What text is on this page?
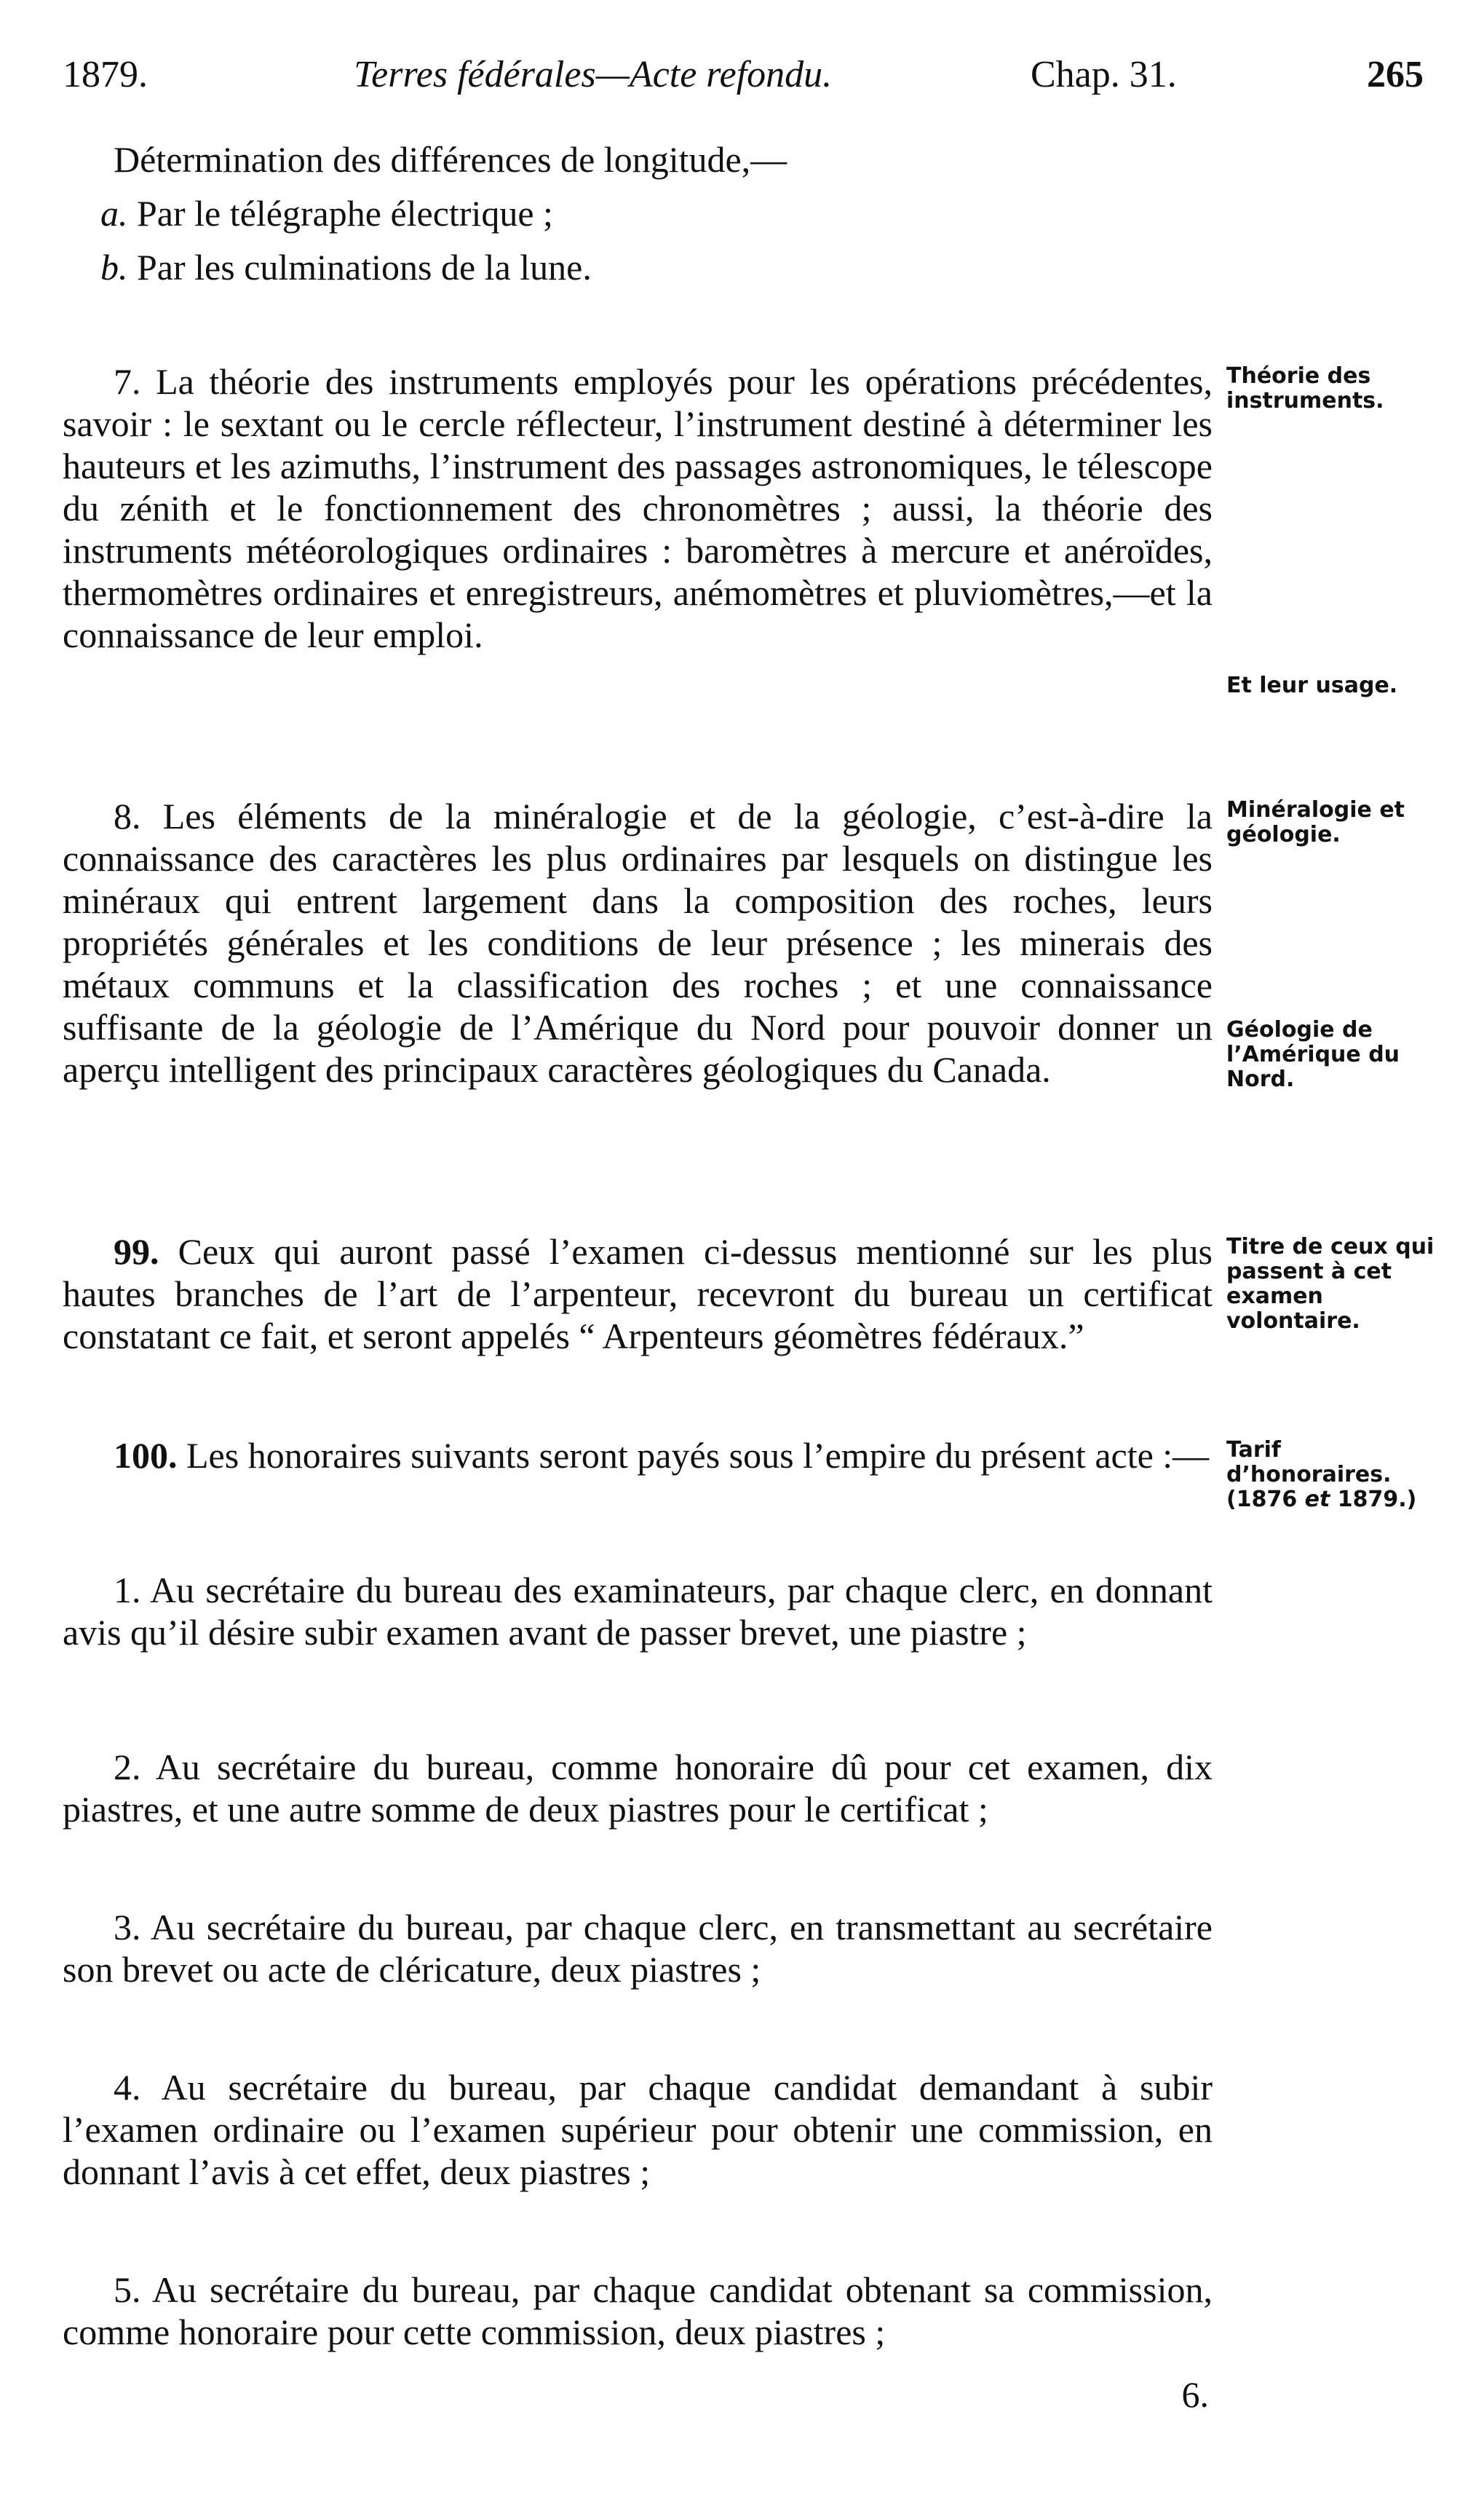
1879.	Terres fédérales—Acte refondu.	Chap. 31.	265
Détermination des différences de longitude,—
a. Par le télégraphe électrique ;
b. Par les culminations de la lune.
7. La théorie des instruments employés pour les opérations précédentes, savoir : le sextant ou le cercle réflecteur, l’instrument destiné à déterminer les hauteurs et les azimuths, l’instrument des passages astronomiques, le télescope du zénith et le fonctionnement des chronomètres ; aussi, la théorie des instruments météorologiques ordinaires : baromètres à mercure et anéroïdes, thermomètres ordinaires et enregistreurs, anémomètres et pluviomètres,—et la connaissance de leur emploi.
Théorie des instruments.
Et leur usage.
8. Les éléments de la minéralogie et de la géologie, c’est-à-dire la connaissance des caractères les plus ordinaires par lesquels on distingue les minéraux qui entrent largement dans la composition des roches, leurs propriétés générales et les conditions de leur présence ; les minerais des métaux communs et la classification des roches ; et une connaissance suffisante de la géologie de l’Amérique du Nord pour pouvoir donner un aperçu intelligent des principaux caractères géologiques du Canada.
Minéralogie et géologie.
Géologie de l’Amérique du Nord.
99. Ceux qui auront passé l’examen ci-dessus mentionné sur les plus hautes branches de l’art de l’arpenteur, recevront du bureau un certificat constatant ce fait, et seront appelés “ Arpenteurs géomètres fédéraux.”
Titre de ceux qui passent à cet examen volontaire.
100. Les honoraires suivants seront payés sous l’empire du présent acte :— Tarif d’honoraires.
(1876 et 1879.)
1. Au secrétaire du bureau des examinateurs, par chaque clerc, en donnant avis qu’il désire subir examen avant de passer brevet, une piastre ;
2. Au secrétaire du bureau, comme honoraire dû pour cet examen, dix piastres, et une autre somme de deux piastres pour le certificat ;
3. Au secrétaire du bureau, par chaque clerc, en transmettant au secrétaire son brevet ou acte de cléricature, deux piastres ;
4. Au secrétaire du bureau, par chaque candidat demandant à subir l’examen ordinaire ou l’examen supérieur pour obtenir une commission, en donnant l’avis à cet effet, deux piastres ;
5. Au secrétaire du bureau, par chaque candidat obtenant sa commission, comme honoraire pour cette commission, deux piastres ;
6.
